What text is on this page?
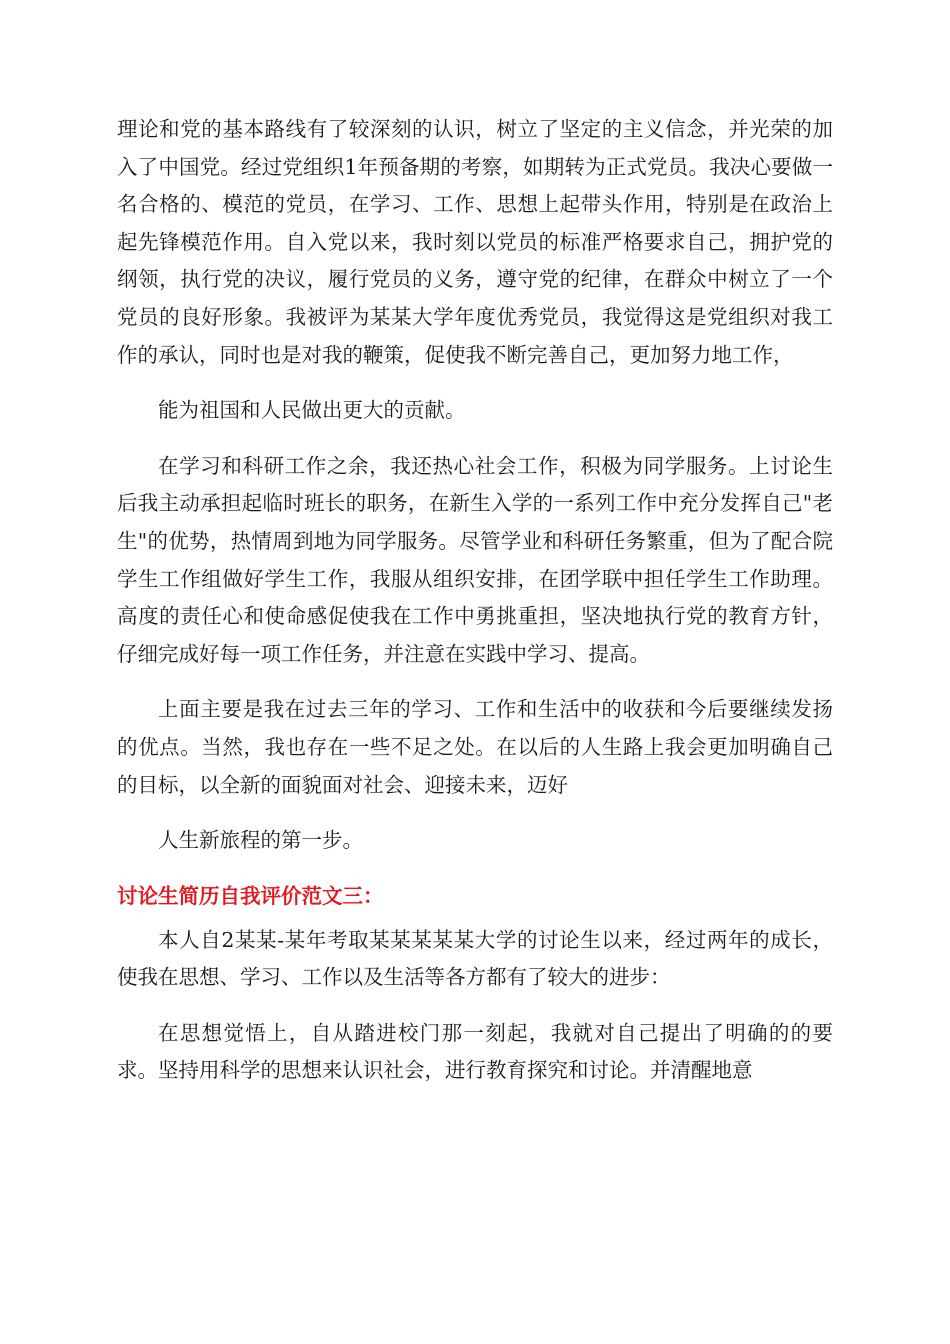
理论和党的基本路线有了较深刻的认识，树立了坚定的主义信念，并光荣的加入了中国党。经过党组织1年预备期的考察，如期转为正式党员。我决心要做一名合格的、模范的党员，在学习、工作、思想上起带头作用，特别是在政治上起先锋模范作用。自入党以来，我时刻以党员的标准严格要求自己，拥护党的纲领，执行党的决议，履行党员的义务，遵守党的纪律，在群众中树立了一个党员的良好形象。我被评为某某大学年度优秀党员，我觉得这是党组织对我工作的承认，同时也是对我的鞭策，促使我不断完善自己，更加努力地工作，

能为祖国和人民做出更大的贡献。

在学习和科研工作之余，我还热心社会工作，积极为同学服务。上讨论生后我主动承担起临时班长的职务，在新生入学的一系列工作中充分发挥自己"老生"的优势，热情周到地为同学服务。尽管学业和科研任务繁重，但为了配合院学生工作组做好学生工作，我服从组织安排，在团学联中担任学生工作助理。高度的责任心和使命感促使我在工作中勇挑重担，坚决地执行党的教育方针，仔细完成好每一项工作任务，并注意在实践中学习、提高。

上面主要是我在过去三年的学习、工作和生活中的收获和今后要继续发扬的优点。当然，我也存在一些不足之处。在以后的人生路上我会更加明确自己的目标，以全新的面貌面对社会、迎接未来，迈好

人生新旅程的第一步。

讨论生简历自我评价范文三：

本人自2某某-某年考取某某某某某大学的讨论生以来，经过两年的成长，使我在思想、学习、工作以及生活等各方都有了较大的进步：

在思想觉悟上，自从踏进校门那一刻起，我就对自己提出了明确的的要求。坚持用科学的思想来认识社会，进行教育探究和讨论。并清醒地意
